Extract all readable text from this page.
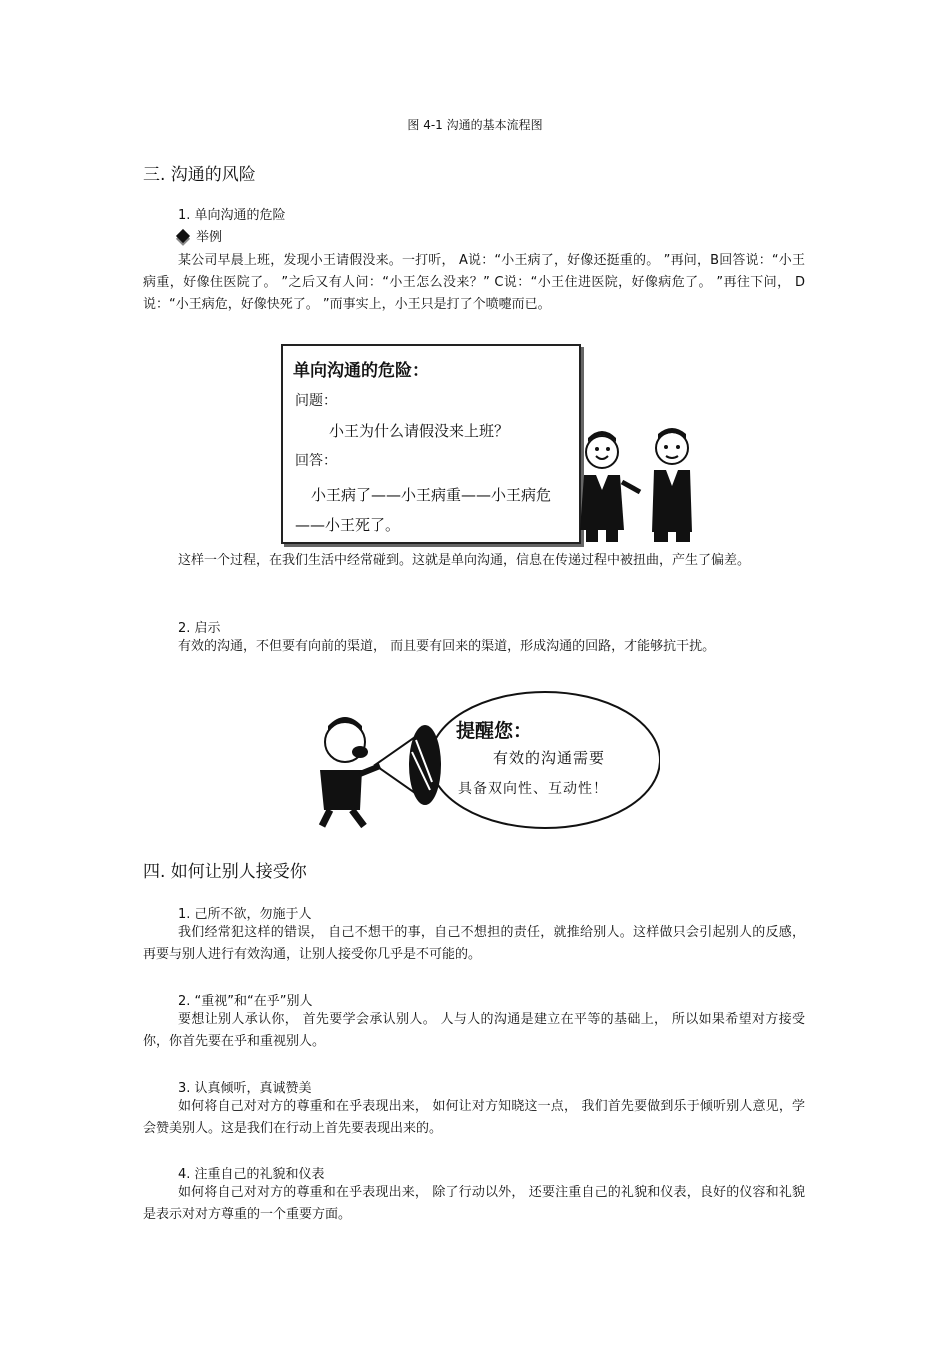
图 4-1 沟通的基本流程图
三. 沟通的风险
1. 单向沟通的危险
举例
某公司早晨上班，发现小王请假没来。一打听， A说：“小王病了，好像还挺重的。 ”再问，B回答说：“小王病重，好像住医院了。 ”之后又有人问：“小王怎么没来？” C说：“小王住进医院，好像病危了。 ”再往下问， D说：“小王病危，好像快死了。 ”而事实上，小王只是打了个喷嚏而已。
单向沟通的危险：
问题：
小王为什么请假没来上班？
回答：
小王病了——小王病重——小王病危——小王死了。
这样一个过程，在我们生活中经常碰到。这就是单向沟通，信息在传递过程中被扭曲，产生了偏差。
2. 启示
有效的沟通，不但要有向前的渠道， 而且要有回来的渠道，形成沟通的回路，才能够抗干扰。
提醒您：
有效的沟通需要
具备双向性、互动性！
四. 如何让别人接受你
1. 己所不欲，勿施于人
我们经常犯这样的错误， 自己不想干的事，自己不想担的责任，就推给别人。这样做只会引起别人的反感，再要与别人进行有效沟通，让别人接受你几乎是不可能的。
2. “重视”和“在乎”别人
要想让别人承认你， 首先要学会承认别人。 人与人的沟通是建立在平等的基础上， 所以如果希望对方接受你，你首先要在乎和重视别人。
3. 认真倾听，真诚赞美
如何将自己对对方的尊重和在乎表现出来， 如何让对方知晓这一点， 我们首先要做到乐于倾听别人意见，学会赞美别人。这是我们在行动上首先要表现出来的。
4. 注重自己的礼貌和仪表
如何将自己对对方的尊重和在乎表现出来， 除了行动以外， 还要注重自己的礼貌和仪表，良好的仪容和礼貌是表示对对方尊重的一个重要方面。
